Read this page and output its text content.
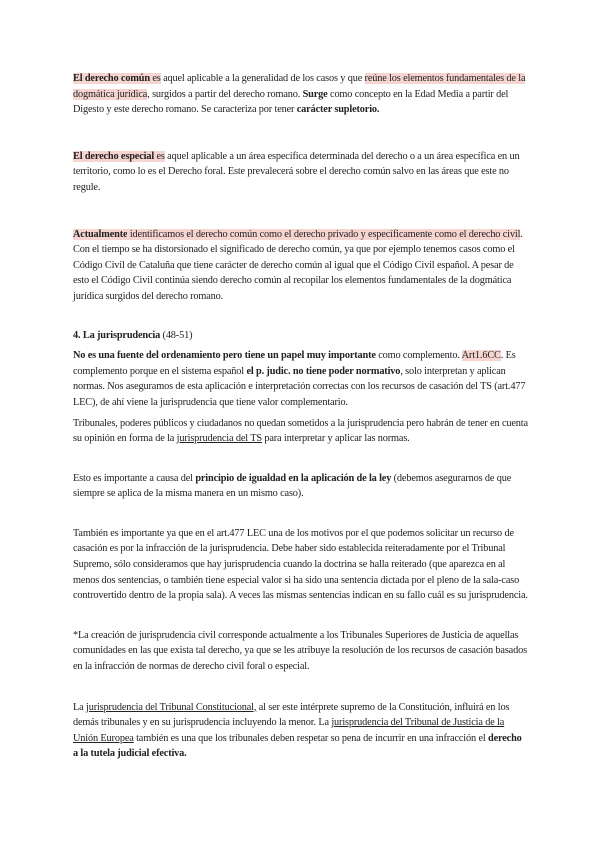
El derecho común es aquel aplicable a la generalidad de los casos y que reúne los elementos fundamentales de la dogmática jurídica, surgidos a partir del derecho romano. Surge como concepto en la Edad Media a partir del Digesto y este derecho romano. Se caracteriza por tener carácter supletorio.

El derecho especial es aquel aplicable a un área específica determinada del derecho o a un área específica en un territorio, como lo es el Derecho foral. Este prevalecerá sobre el derecho común salvo en las áreas que este no regule.

Actualmente identificamos el derecho común como el derecho privado y específicamente como el derecho civil. Con el tiempo se ha distorsionado el significado de derecho común, ya que por ejemplo tenemos casos como el Código Civil de Cataluña que tiene carácter de derecho común al igual que el Código Civil español. A pesar de esto el Código Civil continúa siendo derecho común al recopilar los elementos fundamentales de la dogmática jurídica surgidos del derecho romano.

4. La jurisprudencia (48-51)

No es una fuente del ordenamiento pero tiene un papel muy importante como complemento. Art1.6CC. Es complemento porque en el sistema español el p. judic. no tiene poder normativo, solo interpretan y aplican normas. Nos aseguramos de esta aplicación e interpretación correctas con los recursos de casación del TS (art.477 LEC), de ahí viene la jurisprudencia que tiene valor complementario.

Tribunales, poderes públicos y ciudadanos no quedan sometidos a la jurisprudencia pero habrán de tener en cuenta su opinión en forma de la jurisprudencia del TS para interpretar y aplicar las normas.

Esto es importante a causa del principio de igualdad en la aplicación de la ley (debemos asegurarnos de que siempre se aplica de la misma manera en un mismo caso).

También es importante ya que en el art.477 LEC una de los motivos por el que podemos solicitar un recurso de casación es por la infracción de la jurisprudencia. Debe haber sido establecida reiteradamente por el Tribunal Supremo, sólo consideramos que hay jurisprudencia cuando la doctrina se halla reiterado (que aparezca en al menos dos sentencias, o también tiene especial valor si ha sido una sentencia dictada por el pleno de la sala-caso controvertido dentro de la propia sala). A veces las mismas sentencias indican en su fallo cuál es su jurisprudencia.

*La creación de jurisprudencia civil corresponde actualmente a los Tribunales Superiores de Justicia de aquellas comunidades en las que exista tal derecho, ya que se les atribuye la resolución de los recursos de casación basados en la infracción de normas de derecho civil foral o especial.

La jurisprudencia del Tribunal Constitucional, al ser este intérprete supremo de la Constitución, influirá en los demás tribunales y en su jurisprudencia incluyendo la menor. La jurisprudencia del Tribunal de Justicia de la Unión Europea también es una que los tribunales deben respetar so pena de incurrir en una infracción el derecho a la tutela judicial efectiva.
